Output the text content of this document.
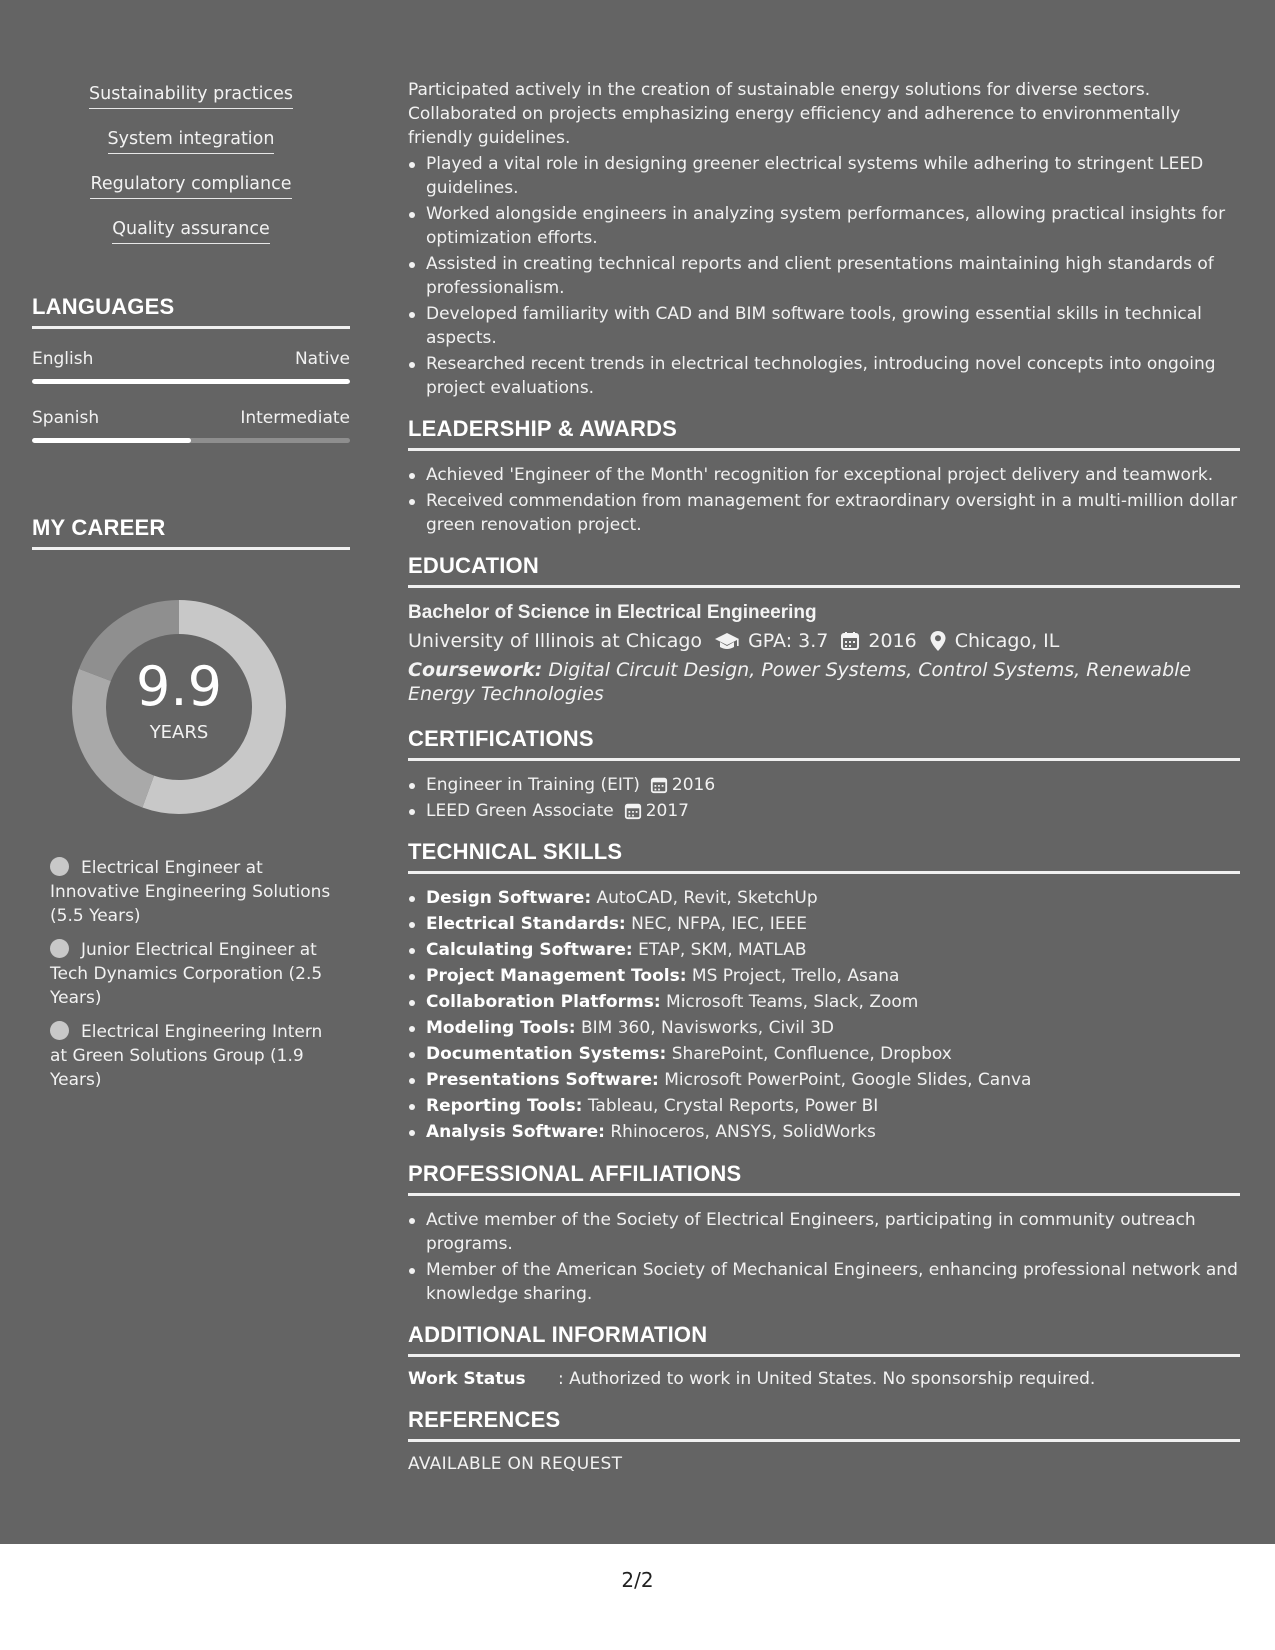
Sustainability practices
System integration
Regulatory compliance
Quality assurance
LANGUAGES
English	Native
Spanish	Intermediate
MY CAREER
9.9
YEARS
Electrical Engineer at Innovative Engineering Solutions (5.5 Years)
Junior Electrical Engineer at Tech Dynamics Corporation (2.5 Years)
Electrical Engineering Intern at Green Solutions Group (1.9 Years)
Participated actively in the creation of sustainable energy solutions for diverse sectors. Collaborated on projects emphasizing energy efficiency and adherence to environmentally friendly guidelines.
Played a vital role in designing greener electrical systems while adhering to stringent LEED guidelines.
Worked alongside engineers in analyzing system performances, allowing practical insights for optimization efforts.
Assisted in creating technical reports and client presentations maintaining high standards of professionalism.
Developed familiarity with CAD and BIM software tools, growing essential skills in technical aspects.
Researched recent trends in electrical technologies, introducing novel concepts into ongoing project evaluations.
LEADERSHIP & AWARDS
Achieved 'Engineer of the Month' recognition for exceptional project delivery and teamwork.
Received commendation from management for extraordinary oversight in a multi-million dollar green renovation project.
EDUCATION
Bachelor of Science in Electrical Engineering
University of Illinois at Chicago GPA: 3.7 2016 Chicago, IL
Coursework: Digital Circuit Design, Power Systems, Control Systems, Renewable Energy Technologies
CERTIFICATIONS
Engineer in Training (EIT) 2016
LEED Green Associate 2017
TECHNICAL SKILLS
Design Software: AutoCAD, Revit, SketchUp
Electrical Standards: NEC, NFPA, IEC, IEEE
Calculating Software: ETAP, SKM, MATLAB
Project Management Tools: MS Project, Trello, Asana
Collaboration Platforms: Microsoft Teams, Slack, Zoom
Modeling Tools: BIM 360, Navisworks, Civil 3D
Documentation Systems: SharePoint, Confluence, Dropbox
Presentations Software: Microsoft PowerPoint, Google Slides, Canva
Reporting Tools: Tableau, Crystal Reports, Power BI
Analysis Software: Rhinoceros, ANSYS, SolidWorks
PROFESSIONAL AFFILIATIONS
Active member of the Society of Electrical Engineers, participating in community outreach programs.
Member of the American Society of Mechanical Engineers, enhancing professional network and knowledge sharing.
ADDITIONAL INFORMATION
Work Status	: Authorized to work in United States. No sponsorship required.
REFERENCES
AVAILABLE ON REQUEST
2/2
